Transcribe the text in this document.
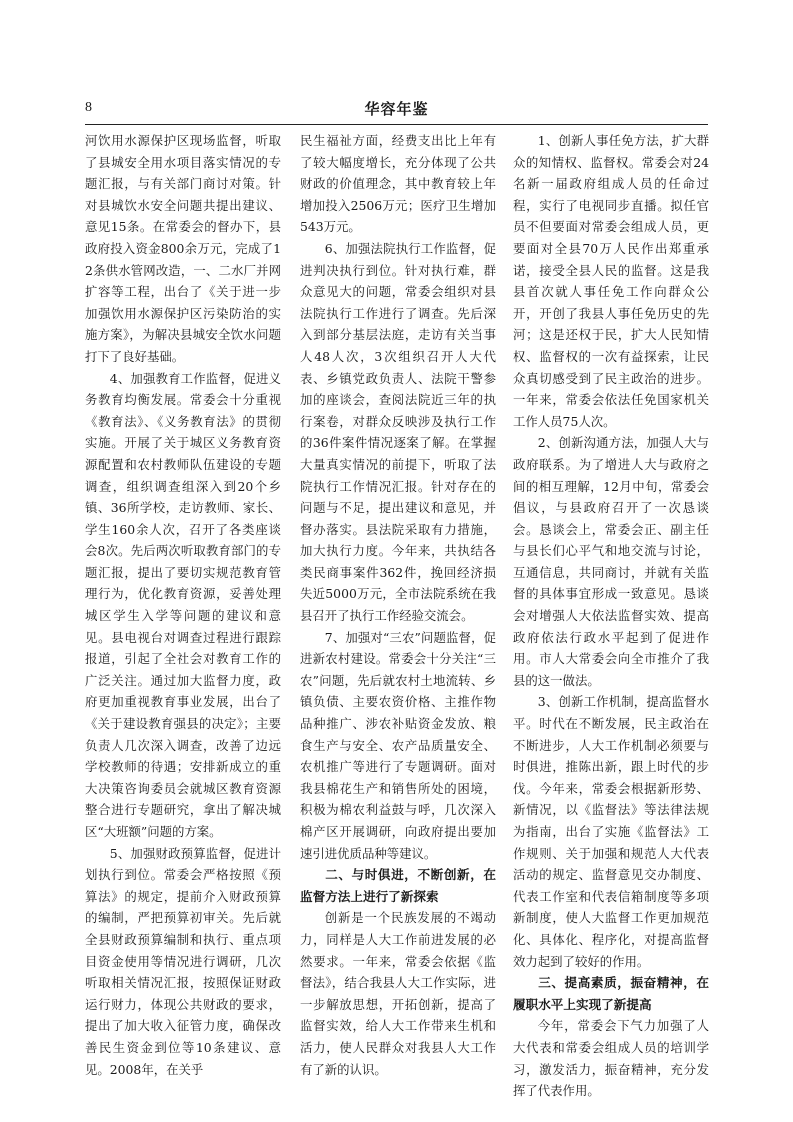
8	华容年鉴

河饮用水源保护区现场监督，听取了县城安全用水项目落实情况的专题汇报，与有关部门商讨对策。针对县城饮水安全问题共提出建议、意见15条。在常委会的督办下，县政府投入资金800余万元，完成了12条供水管网改造，一、二水厂并网扩容等工程，出台了《关于进一步加强饮用水源保护区污染防治的实施方案》，为解决县城安全饮水问题打下了良好基础。

4、加强教育工作监督，促进义务教育均衡发展。常委会十分重视《教育法》、《义务教育法》的贯彻实施。开展了关于城区义务教育资源配置和农村教师队伍建设的专题调查，组织调查组深入到20个乡镇、36所学校，走访教师、家长、学生160余人次，召开了各类座谈会8次。先后两次听取教育部门的专题汇报，提出了要切实规范教育管理行为，优化教育资源，妥善处理城区学生入学等问题的建议和意见。县电视台对调查过程进行跟踪报道，引起了全社会对教育工作的广泛关注。通过加大监督力度，政府更加重视教育事业发展，出台了《关于建设教育强县的决定》；主要负责人几次深入调查，改善了边远学校教师的待遇；安排新成立的重大决策咨询委员会就城区教育资源整合进行专题研究，拿出了解决城区“大班额”问题的方案。

5、加强财政预算监督，促进计划执行到位。常委会严格按照《预算法》的规定，提前介入财政预算的编制，严把预算初审关。先后就全县财政预算编制和执行、重点项目资金使用等情况进行调研，几次听取相关情况汇报，按照保证财政运行财力，体现公共财政的要求，提出了加大收入征管力度，确保改善民生资金到位等10条建议、意见。2008年，在关乎

民生福祉方面，经费支出比上年有了较大幅度增长，充分体现了公共财政的价值理念，其中教育较上年增加投入2506万元；医疗卫生增加543万元。

6、加强法院执行工作监督，促进判决执行到位。针对执行难，群众意见大的问题，常委会组织对县法院执行工作进行了调查。先后深入到部分基层法庭，走访有关当事人48人次，3次组织召开人大代表、乡镇党政负责人、法院干警参加的座谈会，查阅法院近三年的执行案卷，对群众反映涉及执行工作的36件案件情况逐案了解。在掌握大量真实情况的前提下，听取了法院执行工作情况汇报。针对存在的问题与不足，提出建议和意见，并督办落实。县法院采取有力措施，加大执行力度。今年来，共执结各类民商事案件362件，挽回经济损失近5000万元，全市法院系统在我县召开了执行工作经验交流会。

7、加强对“三农”问题监督，促进新农村建设。常委会十分关注“三农”问题，先后就农村土地流转、乡镇负债、主要农资价格、主推作物品种推广、涉农补贴资金发放、粮食生产与安全、农产品质量安全、农机推广等进行了专题调研。面对我县棉花生产和销售所处的困境，积极为棉农利益鼓与呼，几次深入棉产区开展调研，向政府提出要加速引进优质品种等建议。

二、与时俱进，不断创新，在监督方法上进行了新探索

创新是一个民族发展的不竭动力，同样是人大工作前进发展的必然要求。一年来，常委会依据《监督法》，结合我县人大工作实际，进一步解放思想，开拓创新，提高了监督实效，给人大工作带来生机和活力，使人民群众对我县人大工作有了新的认识。

1、创新人事任免方法，扩大群众的知情权、监督权。常委会对24名新一届政府组成人员的任命过程，实行了电视同步直播。拟任官员不但要面对常委会组成人员，更要面对全县70万人民作出郑重承诺，接受全县人民的监督。这是我县首次就人事任免工作向群众公开，开创了我县人事任免历史的先河；这是还权于民，扩大人民知情权、监督权的一次有益探索，让民众真切感受到了民主政治的进步。一年来，常委会依法任免国家机关工作人员75人次。

2、创新沟通方法，加强人大与政府联系。为了增进人大与政府之间的相互理解，12月中旬，常委会倡议，与县政府召开了一次恳谈会。恳谈会上，常委会正、副主任与县长们心平气和地交流与讨论，互通信息，共同商讨，并就有关监督的具体事宜形成一致意见。恳谈会对增强人大依法监督实效、提高政府依法行政水平起到了促进作用。市人大常委会向全市推介了我县的这一做法。

3、创新工作机制，提高监督水平。时代在不断发展，民主政治在不断进步，人大工作机制必须要与时俱进，推陈出新，跟上时代的步伐。今年来，常委会根据新形势、新情况，以《监督法》等法律法规为指南，出台了实施《监督法》工作规则、关于加强和规范人大代表活动的规定、监督意见交办制度、代表工作室和代表信箱制度等多项新制度，使人大监督工作更加规范化、具体化、程序化，对提高监督效力起到了较好的作用。

三、提高素质，振奋精神，在履职水平上实现了新提高

今年，常委会下气力加强了人大代表和常委会组成人员的培训学习，激发活力，振奋精神，充分发挥了代表作用。
